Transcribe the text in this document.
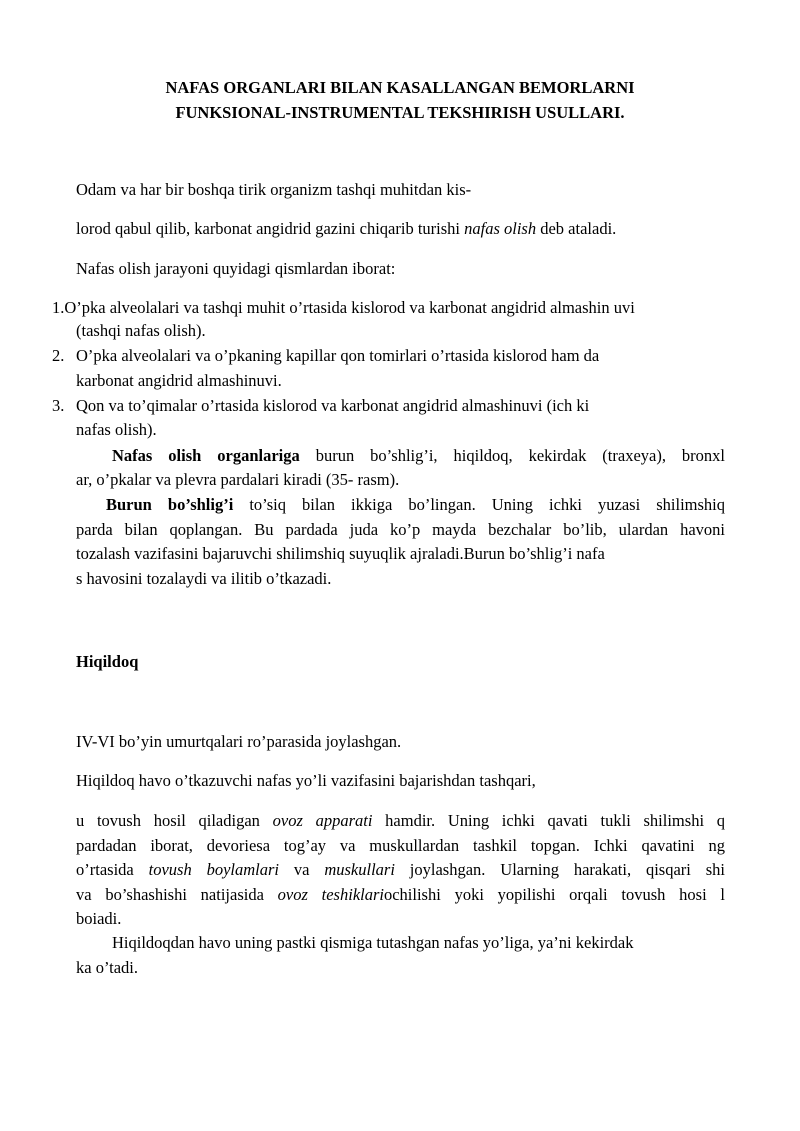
NAFAS ORGANLARI BILAN KASALLANGAN BEMORLARNI
FUNKSIONAL-INSTRUMENTAL TEKSHIRISH USULLARI.
Odam va har bir boshqa tirik organizm tashqi muhitdan kis-
lorod qabul qilib, karbonat angidrid gazini chiqarib turishi nafas olish deb ataladi.
Nafas olish jarayoni quyidagi qismlardan iborat:
1.O’pka alveolalari va tashqi muhit o’rtasida kislorod va karbonat angidrid almashin uvi
(tashqi nafas olish).
2. O’pka alveolalari va o’pkaning kapillar qon tomirlari o’rtasida kislorod ham da
karbonat angidrid almashinuvi.
3. Qon va to’qimalar o’rtasida kislorod va karbonat angidrid almashinuvi (ich ki
nafas olish).
Nafas olish organlariga burun bo’shlig’i, hiqildoq, kekirdak (traxeya), bronxl
ar, o’pkalar va plevra pardalari kiradi (35- rasm).
Burun bo’shlig’i to’siq bilan ikkiga bo’lingan. Uning ichki yuzasi shilimshiq
parda bilan qoplangan. Bu pardada juda ko’p mayda bezchalar bo’lib, ulardan havoni
tozalash vazifasini bajaruvchi shilimshiq suyuqlik ajraladi.Burun bo’shlig’i nafa
s havosini tozalaydi va ilitib o’tkazadi.
Hiqildoq
IV-VI bo’yin umurtqalari ro’parasida joylashgan.
Hiqildoq havo o’tkazuvchi nafas yo’li vazifasini bajarishdan tashqari,
u tovush hosil qiladigan ovoz apparati hamdir. Uning ichki qavati tukli shilimshi q
pardadan iborat, devoriesa tog’ay va muskullardan tashkil topgan. Ichki qavatini ng
o’rtasida tovush boylamlari va muskullari joylashgan. Ularning harakati, qisqari shi
va bo’shashishi natijasida ovoz teshiklariochilishi yoki yopilishi orqali tovush hosi l
boiadi.
Hiqildoqdan havo uning pastki qismiga tutashgan nafas yo’liga, ya’ni kekirdak
ka o’tadi.
